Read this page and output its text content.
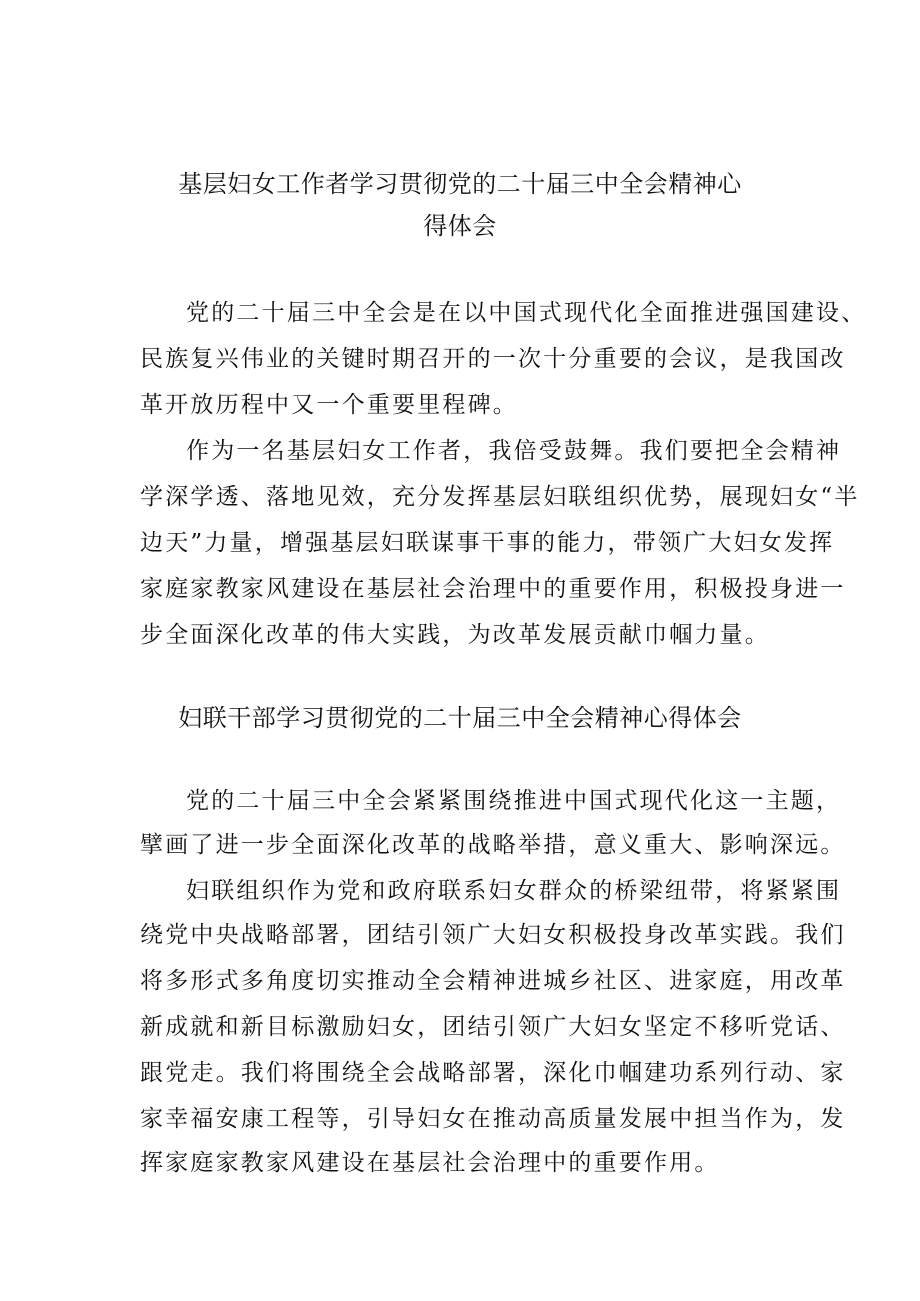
基层妇女工作者学习贯彻党的二十届三中全会精神心
得体会
党的二十届三中全会是在以中国式现代化全面推进强国建设、
民族复兴伟业的关键时期召开的一次十分重要的会议，是我国改
革开放历程中又一个重要里程碑。
作为一名基层妇女工作者，我倍受鼓舞。我们要把全会精神
学深学透、落地见效，充分发挥基层妇联组织优势，展现妇女“半
边天”力量，增强基层妇联谋事干事的能力，带领广大妇女发挥
家庭家教家风建设在基层社会治理中的重要作用，积极投身进一
步全面深化改革的伟大实践，为改革发展贡献巾帼力量。
妇联干部学习贯彻党的二十届三中全会精神心得体会
党的二十届三中全会紧紧围绕推进中国式现代化这一主题，
擘画了进一步全面深化改革的战略举措，意义重大、影响深远。
妇联组织作为党和政府联系妇女群众的桥梁纽带，将紧紧围
绕党中央战略部署，团结引领广大妇女积极投身改革实践。我们
将多形式多角度切实推动全会精神进城乡社区、进家庭，用改革
新成就和新目标激励妇女，团结引领广大妇女坚定不移听党话、
跟党走。我们将围绕全会战略部署，深化巾帼建功系列行动、家
家幸福安康工程等，引导妇女在推动高质量发展中担当作为，发
挥家庭家教家风建设在基层社会治理中的重要作用。
